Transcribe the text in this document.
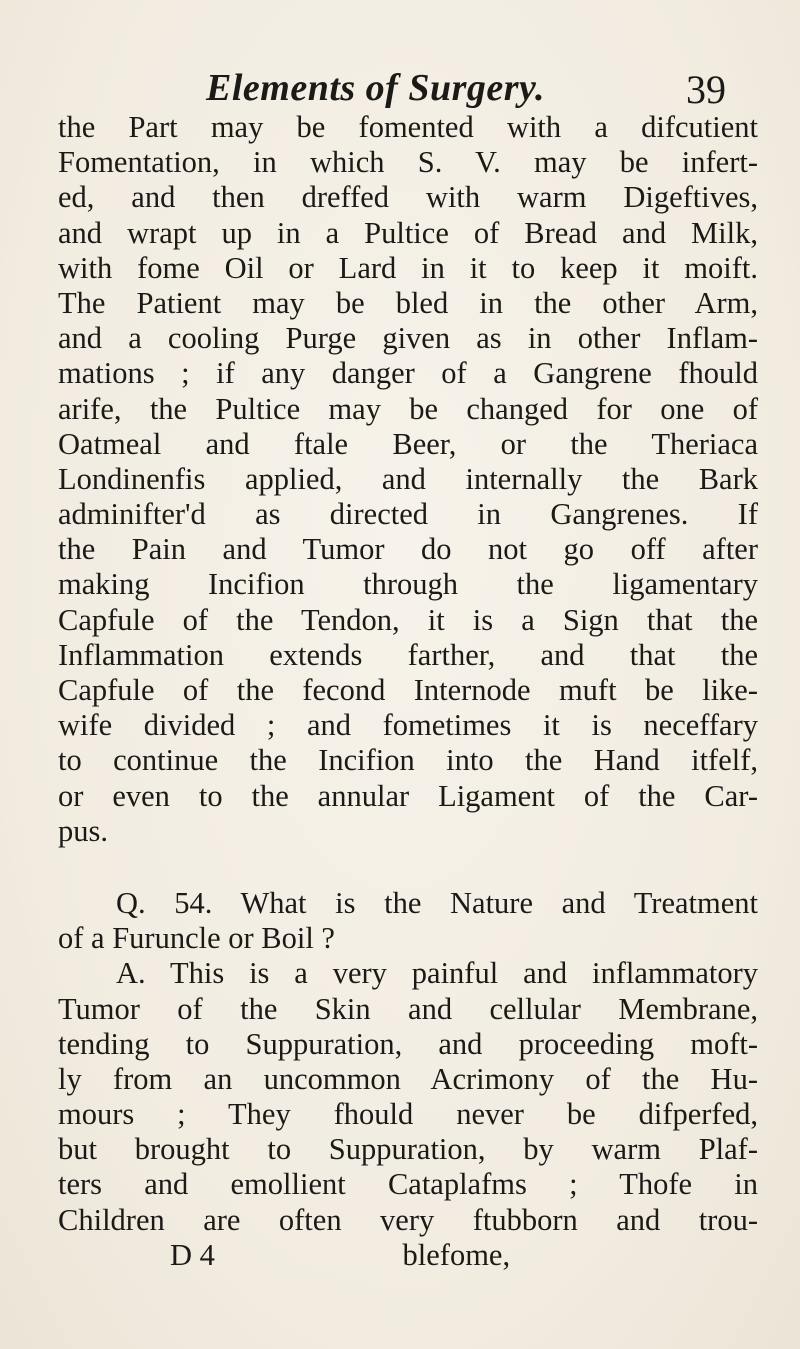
Elements of Surgery.	39
the Part may be fomented with a difcutient
Fomentation, in which S. V. may be infert-
ed, and then dreffed with warm Digeftives,
and wrapt up in a Pultice of Bread and Milk,
with fome Oil or Lard in it to keep it moift.
The Patient may be bled in the other Arm,
and a cooling Purge given as in other Inflam-
mations ; if any danger of a Gangrene fhould
arife, the Pultice may be changed for one of
Oatmeal and ftale Beer, or the Theriaca
Londinenfis applied, and internally the Bark
adminifter'd as directed in Gangrenes. If
the Pain and Tumor do not go off after
making Incifion through the ligamentary
Capfule of the Tendon, it is a Sign that the
Inflammation extends farther, and that the
Capfule of the fecond Internode muft be like-
wife divided ; and fometimes it is neceffary
to continue the Incifion into the Hand itfelf,
or even to the annular Ligament of the Car-
pus.
Q. 54. What is the Nature and Treatment
of a Furuncle or Boil ?
A. This is a very painful and inflammatory
Tumor of the Skin and cellular Membrane,
tending to Suppuration, and proceeding moft-
ly from an uncommon Acrimony of the Hu-
mours ; They fhould never be difperfed,
but brought to Suppuration, by warm Plaf-
ters and emollient Cataplafms ; Thofe in
Children are often very ftubborn and trou-
D 4	blefome,
